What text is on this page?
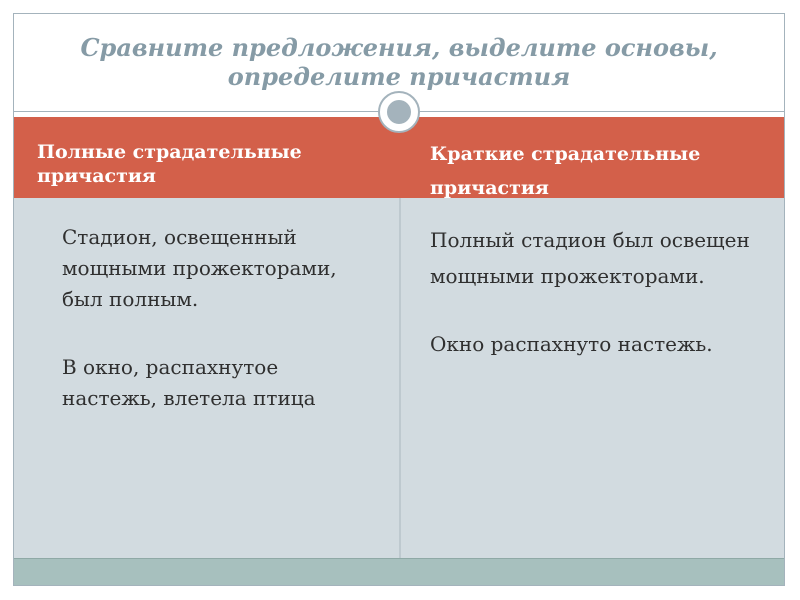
Сравните предложения, выделите основы,
определите причастия
Полные страдательные причастия
Краткие страдательные причастия

Стадион, освещенный мощными прожекторами, был полным.

В окно, распахнутое настежь, влетела птица

Полный стадион был освещен мощными прожекторами.

Окно распахнуто настежь.
